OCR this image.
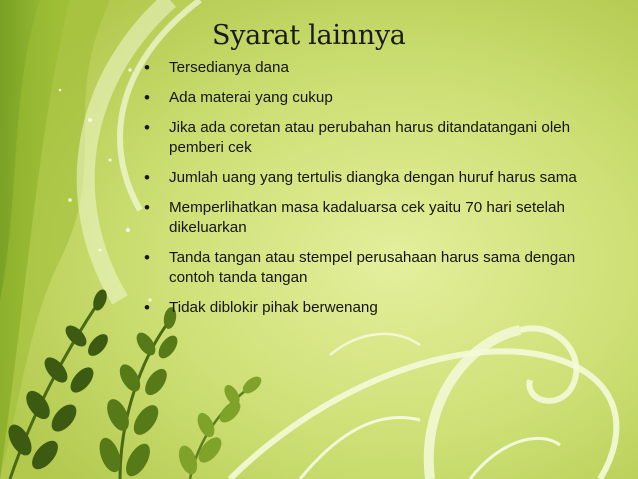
Syarat lainnya
• Tersedianya dana
• Ada materai yang cukup
• Jika ada coretan atau perubahan harus ditandatangani oleh pemberi cek
• Jumlah uang yang tertulis diangka dengan huruf harus sama
• Memperlihatkan masa kadaluarsa cek yaitu 70 hari setelah dikeluarkan
• Tanda tangan atau stempel perusahaan harus sama dengan contoh tanda tangan
• Tidak diblokir pihak berwenang
